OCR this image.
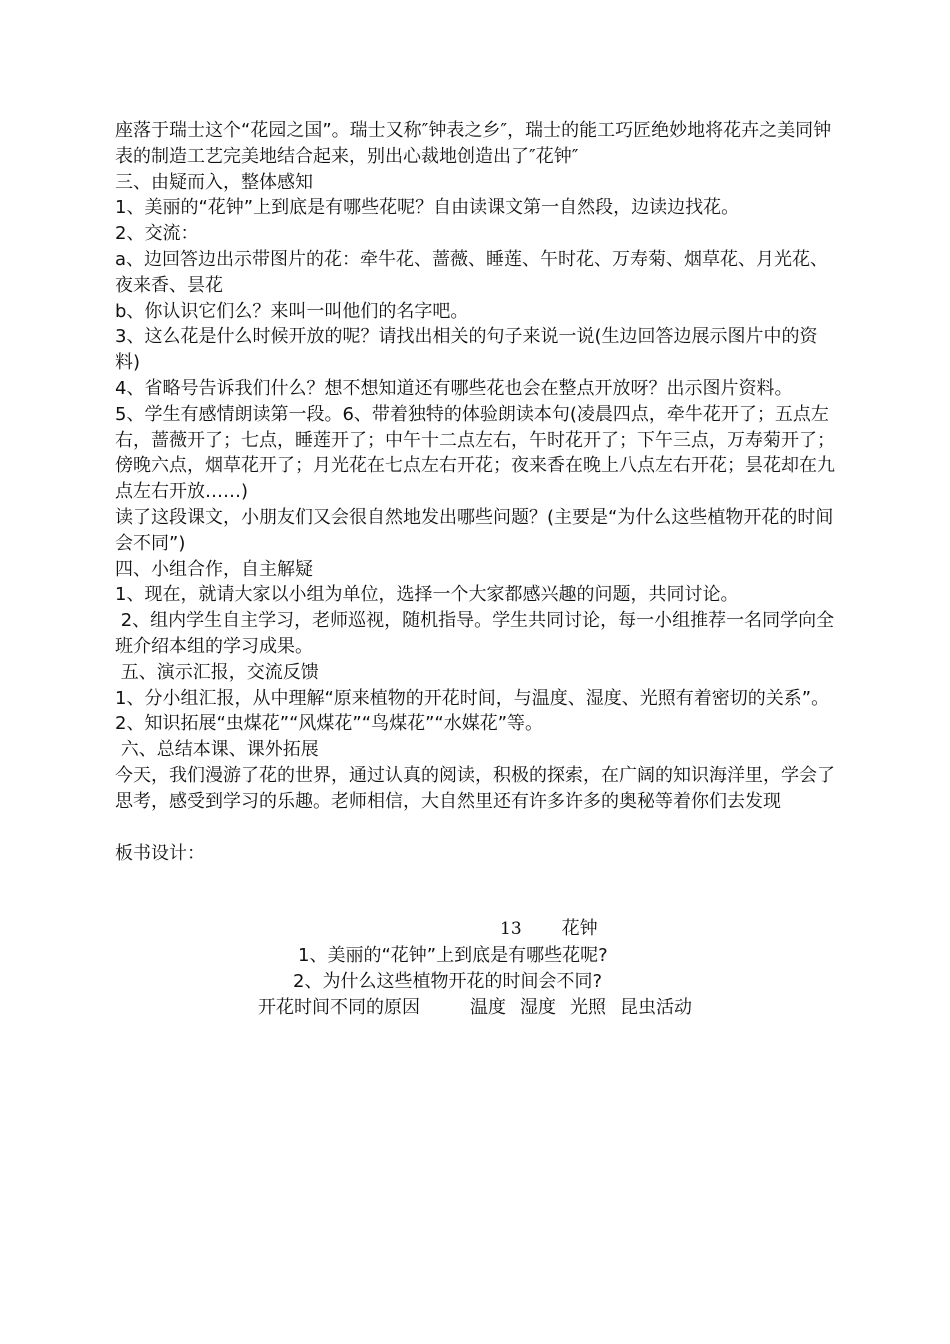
座落于瑞士这个“花园之国”。瑞士又称″钟表之乡″，瑞士的能工巧匠绝妙地将花卉之美同钟表的制造工艺完美地结合起来，别出心裁地创造出了″花钟″
三、由疑而入，整体感知
1、美丽的“花钟”上到底是有哪些花呢？自由读课文第一自然段，边读边找花。
2、交流：
a、边回答边出示带图片的花：牵牛花、蔷薇、睡莲、午时花、万寿菊、烟草花、月光花、夜来香、昙花
b、你认识它们么？来叫一叫他们的名字吧。
3、这么花是什么时候开放的呢？请找出相关的句子来说一说(生边回答边展示图片中的资料)
4、省略号告诉我们什么？想不想知道还有哪些花也会在整点开放呀？出示图片资料。
5、学生有感情朗读第一段。6、带着独特的体验朗读本句(凌晨四点，牵牛花开了；五点左右，蔷薇开了；七点，睡莲开了；中午十二点左右，午时花开了；下午三点，万寿菊开了；傍晚六点，烟草花开了；月光花在七点左右开花；夜来香在晚上八点左右开花；昙花却在九点左右开放……)
读了这段课文，小朋友们又会很自然地发出哪些问题？(主要是“为什么这些植物开花的时间会不同”)
四、小组合作，自主解疑
1、现在，就请大家以小组为单位，选择一个大家都感兴趣的问题，共同讨论。
2、组内学生自主学习，老师巡视，随机指导。学生共同讨论，每一小组推荐一名同学向全班介绍本组的学习成果。
五、演示汇报，交流反馈
1、分小组汇报，从中理解“原来植物的开花时间，与温度、湿度、光照有着密切的关系”。
2、知识拓展“虫煤花”“风煤花”“鸟煤花”“水媒花”等。
六、总结本课、课外拓展
今天，我们漫游了花的世界，通过认真的阅读，积极的探索，在广阔的知识海洋里，学会了思考，感受到学习的乐趣。老师相信，大自然里还有许多许多的奥秘等着你们去发现
板书设计：
13 花钟
1、美丽的“花钟”上到底是有哪些花呢?
2、为什么这些植物开花的时间会不同?
开花时间不同的原因	温度 湿度 光照 昆虫活动
